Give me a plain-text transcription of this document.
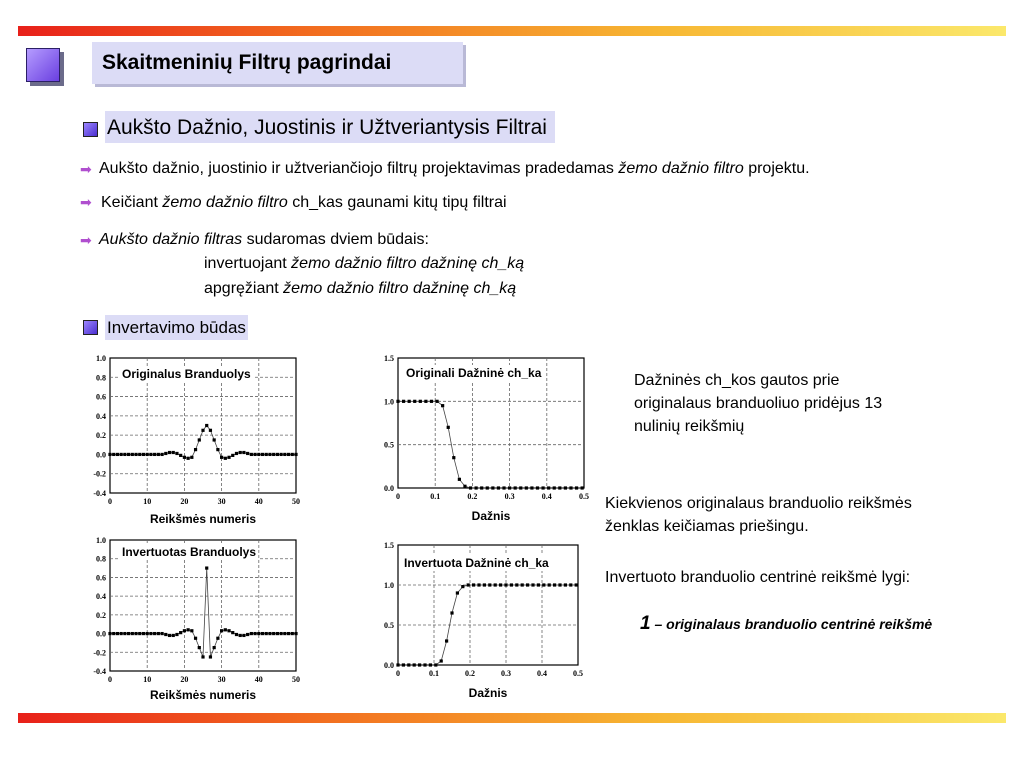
Skaitmeninių Filtrų pagrindai
Aukšto Dažnio, Juostinis ir Užtveriantysis Filtrai
➡ Aukšto dažnio, juostinio ir užtverianči​ojo filtrų projektavimas pradedamas žemo dažnio filtro projektu.
➡ Keičiant žemo dažnio filtro ch_kas gaunami kitų tipų filtrai
➡ Aukšto dažnio filtras sudaromas dviem būdais:
invertuojant žemo dažnio filtro dažninę ch_ką
apgręžiant žemo dažnio filtro dažninę ch_ką
Invertavimo būdas
1.0
0.8
0.6
0.4
0.2
0.0
-0.2
-0.4
0	10	20	30	40	50
Originalus Branduolys
Reikšmės numeris
1.5
1.0
0.5
0.0
0	0.1	0.2	0.3	0.4	0.5
Originali Dažninė ch_ka
Dažnis
1.0
0.8
0.6
0.4
0.2
0.0
-0.2
-0.4
0	10	20	30	40	50
Invertuotas Branduolys
Reikšmės numeris
1.5
1.0
0.5
0.0
0	0.1	0.2	0.3	0.4	0.5
Invertuota Dažninė ch_ka
Dažnis
Dažninės ch_kos gautos prie
originalaus branduoliuo pridėjus 13
nulinių reikšmių
Kiekvienos originalaus branduolio reikšmės
ženklas keičiamas priešingu.
Invertuoto branduolio centrinė reikšmė lygi:
1 – originalaus branduolio centrinė reikšmė
